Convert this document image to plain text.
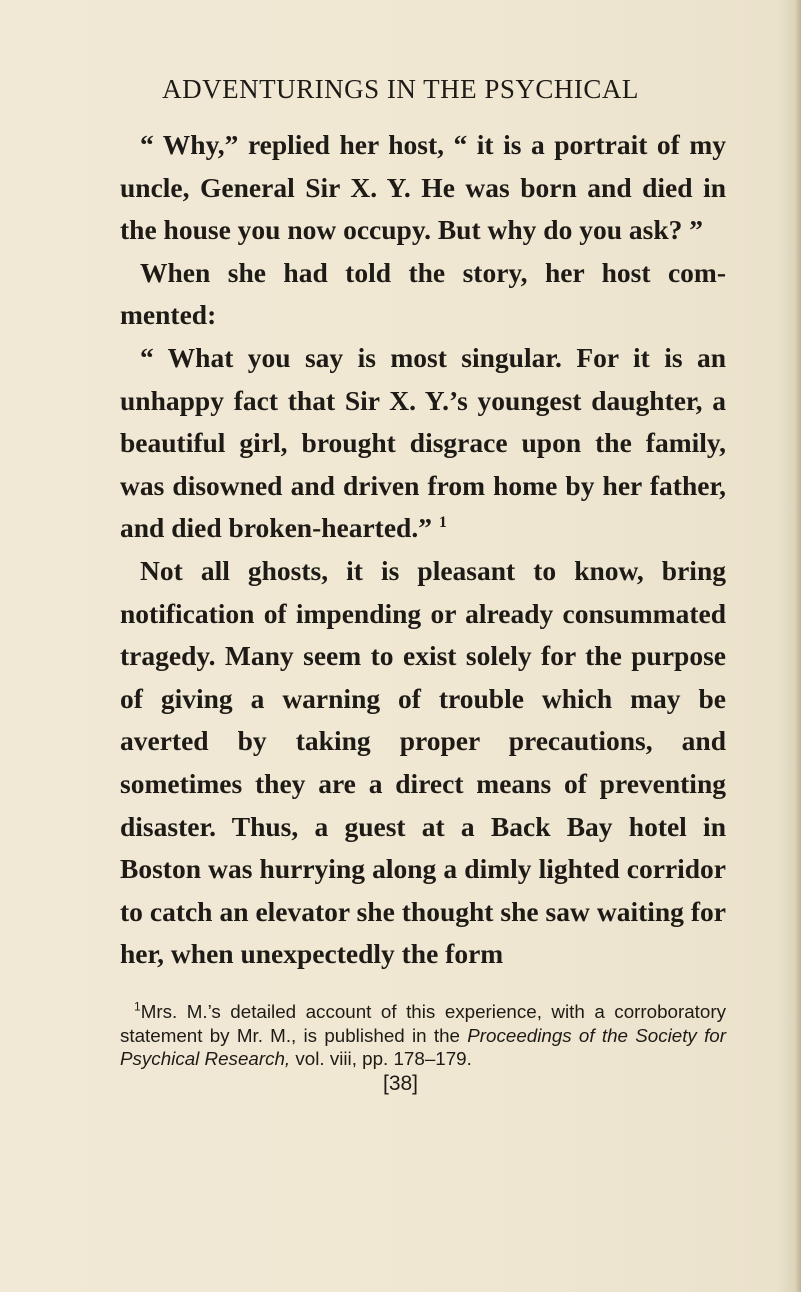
ADVENTURINGS IN THE PSYCHICAL

“ Why,” replied her host, “ it is a portrait of my uncle, General Sir X. Y. He was born and died in the house you now occupy. But why do you ask? ”

When she had told the story, her host commented:

“ What you say is most singular. For it is an unhappy fact that Sir X. Y.’s youngest daughter, a beautiful girl, brought disgrace upon the family, was disowned and driven from home by her father, and died broken-hearted.” $^1$

Not all ghosts, it is pleasant to know, bring notification of impending or already consummated tragedy. Many seem to exist solely for the purpose of giving a warning of trouble which may be averted by taking proper precautions, and sometimes they are a direct means of preventing disaster. Thus, a guest at a Back Bay hotel in Boston was hurrying along a dimly lighted corridor to catch an elevator she thought she saw waiting for her, when unexpectedly the form

$^1$Mrs. M.’s detailed account of this experience, with a corroboratory statement by Mr. M., is published in the Proceedings of the Society for Psychical Research, vol. viii, pp. 178–179.

[38]
